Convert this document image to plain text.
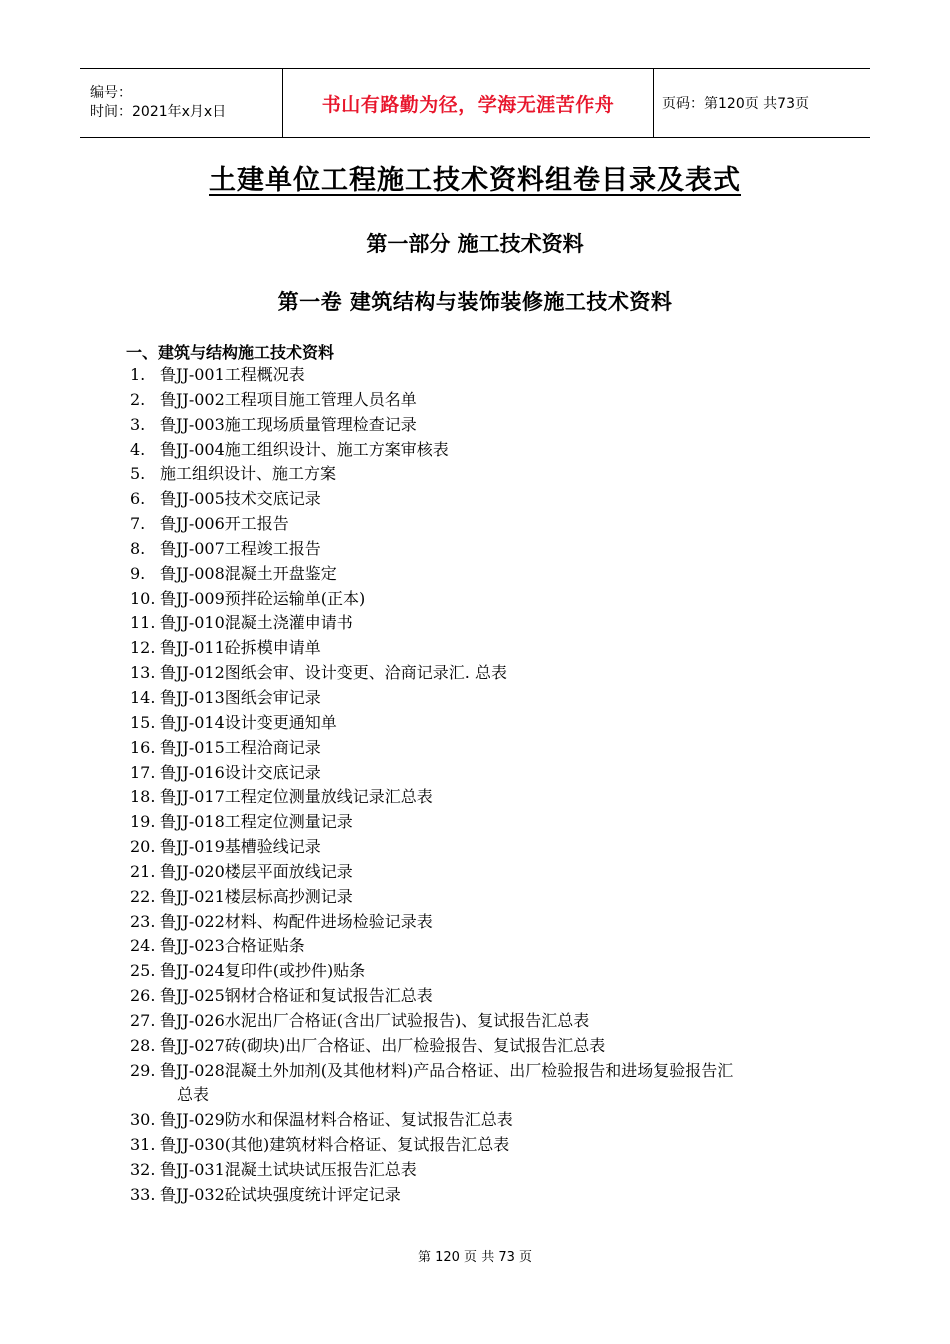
编号：
时间：2021年x月x日	书山有路勤为径，学海无涯苦作舟	页码：第120页 共73页
土建单位工程施工技术资料组卷目录及表式
第一部分 施工技术资料
第一卷 建筑结构与装饰装修施工技术资料
一、建筑与结构施工技术资料
1. 鲁JJ-001工程概况表
2. 鲁JJ-002工程项目施工管理人员名单
3. 鲁JJ-003施工现场质量管理检查记录
4. 鲁JJ-004施工组织设计、施工方案审核表
5. 施工组织设计、施工方案
6. 鲁JJ-005技术交底记录
7. 鲁JJ-006开工报告
8. 鲁JJ-007工程竣工报告
9. 鲁JJ-008混凝土开盘鉴定
10. 鲁JJ-009预拌砼运输单(正本)
11. 鲁JJ-010混凝土浇灌申请书
12. 鲁JJ-011砼拆模申请单
13. 鲁JJ-012图纸会审、设计变更、洽商记录汇. 总表
14. 鲁JJ-013图纸会审记录
15. 鲁JJ-014设计变更通知单
16. 鲁JJ-015工程洽商记录
17. 鲁JJ-016设计交底记录
18. 鲁JJ-017工程定位测量放线记录汇总表
19. 鲁JJ-018工程定位测量记录
20. 鲁JJ-019基槽验线记录
21. 鲁JJ-020楼层平面放线记录
22. 鲁JJ-021楼层标高抄测记录
23. 鲁JJ-022材料、构配件进场检验记录表
24. 鲁JJ-023合格证贴条
25. 鲁JJ-024复印件(或抄件)贴条
26. 鲁JJ-025钢材合格证和复试报告汇总表
27. 鲁JJ-026水泥出厂合格证(含出厂试验报告)、复试报告汇总表
28. 鲁JJ-027砖(砌块)出厂合格证、出厂检验报告、复试报告汇总表
29. 鲁JJ-028混凝土外加剂(及其他材料)产品合格证、出厂检验报告和进场复验报告汇
总表
30. 鲁JJ-029防水和保温材料合格证、复试报告汇总表
31. 鲁JJ-030(其他)建筑材料合格证、复试报告汇总表
32. 鲁JJ-031混凝土试块试压报告汇总表
33. 鲁JJ-032砼试块强度统计评定记录
第 120 页 共 73 页
